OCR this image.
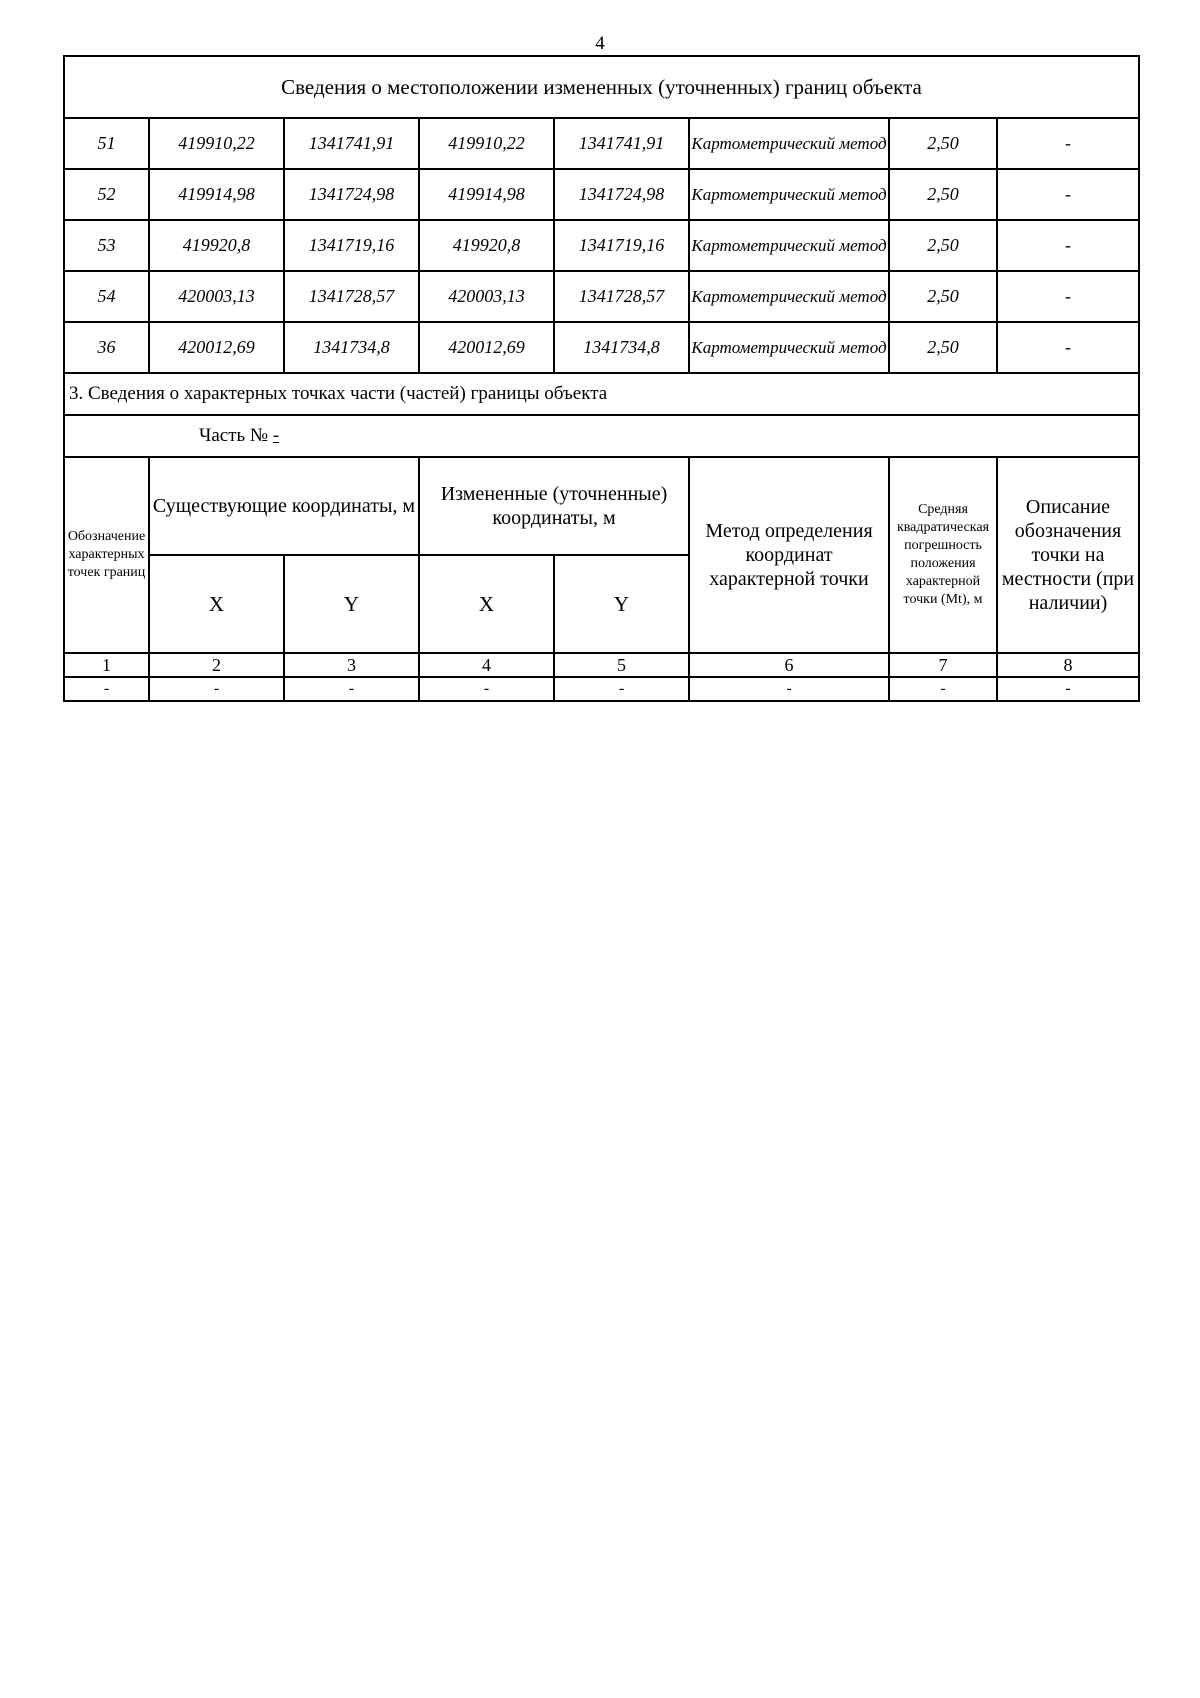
4
Сведения о местоположении измененных (уточненных) границ объекта							
51	419910,22	1341741,91	419910,22	1341741,91	Картометрический метод	2,50	-
52	419914,98	1341724,98	419914,98	1341724,98	Картометрический метод	2,50	-
53	419920,8	1341719,16	419920,8	1341719,16	Картометрический метод	2,50	-
54	420003,13	1341728,57	420003,13	1341728,57	Картометрический метод	2,50	-
36	420012,69	1341734,8	420012,69	1341734,8	Картометрический метод	2,50	-
3. Сведения о характерных точках части (частей) границы объекта							
Часть № -							
Обозначение характерных точек границ	Существующие координаты, м		Измененные (уточненные) координаты, м		Метод определения координат характерной точки	Средняя квадратическая погрешность положения характерной точки (Mt), м	Описание обозначения точки на местности (при наличии)
	X	Y	X	Y			
1	2	3	4	5	6	7	8
-	-	-	-	-	-	-	-
